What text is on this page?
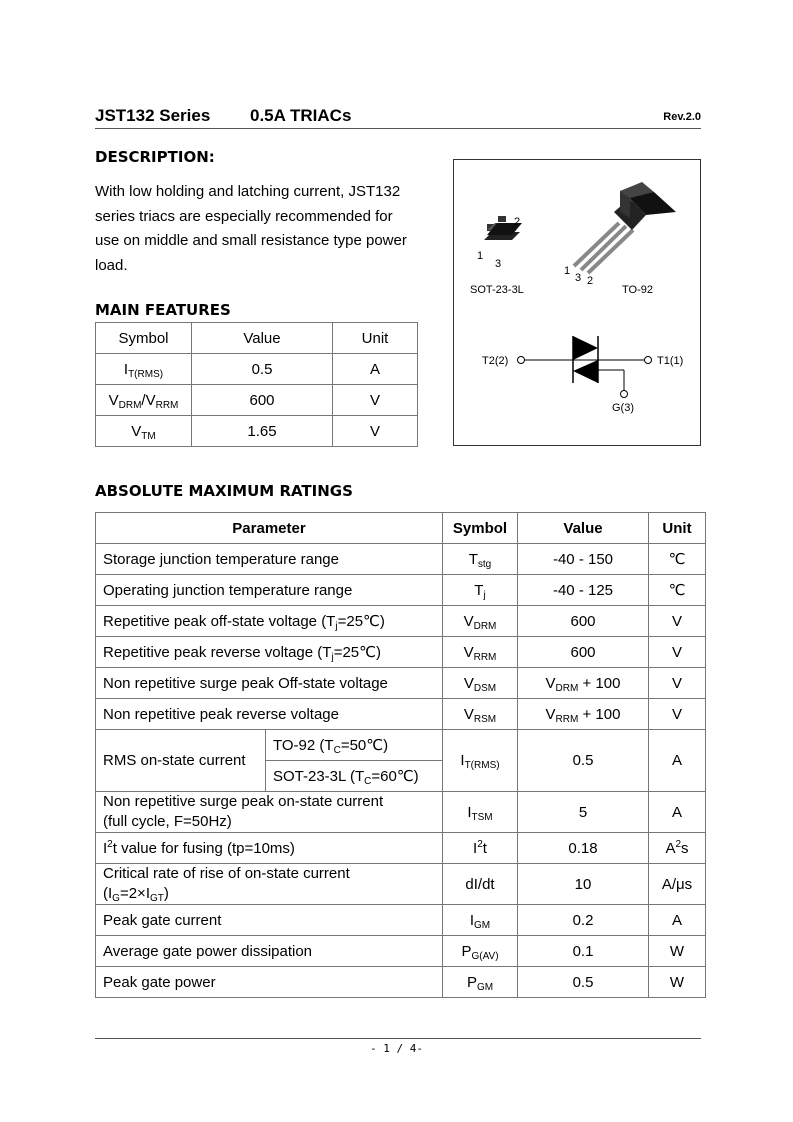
JST132 Series 0.5A TRIACs	Rev.2.0
DESCRIPTION:
With low holding and latching current, JST132
series triacs are especially recommended for
use on middle and small resistance type power
load.
2
1
3
SOT-23-3L
1
3 2
TO-92
T2(2)	T1(1)
G(3)
MAIN FEATURES
Symbol	Value	Unit
$I_{T(RMS)}$	0.5	A
$V_{DRM}/V_{RRM}$	600	V
$V_{TM}$	1.65	V
ABSOLUTE MAXIMUM RATINGS
Parameter		Symbol	Value	Unit
Storage junction temperature range		$T_{stg}$	-40 - 150	℃
Operating junction temperature range		$T_j$	-40 - 125	℃
Repetitive peak off-state voltage $(T_j=25℃)$		$V_{DRM}$	600	V
Repetitive peak reverse voltage $(T_j=25℃)$		$V_{RRM}$	600	V
Non repetitive surge peak Off-state voltage		$V_{DSM}$	$V_{DRM} + 100$	V
Non repetitive peak reverse voltage		$V_{RSM}$	$V_{RRM} + 100$	V
RMS on-state current	TO-92 $(T_C=50℃)$	$I_{T(RMS)}$	0.5	A
	SOT-23-3L $(T_C=60℃)$			

Non repetitive surge peak on-state current
(full cycle, F=50Hz)		$I_{TSM}$	5	A
$I^2t$ value for fusing (tp=10ms)		$I^2t$	0.18	$A^2s$

Critical rate of rise of on-state current
$(I_G=2\times I_{GT})$		dI/dt	10	A/μs
Peak gate current		$I_{GM}$	0.2	A
Average gate power dissipation		$P_{G(AV)}$	0.1	W
Peak gate power		$P_{GM}$	0.5	W
- 1 / 4-
